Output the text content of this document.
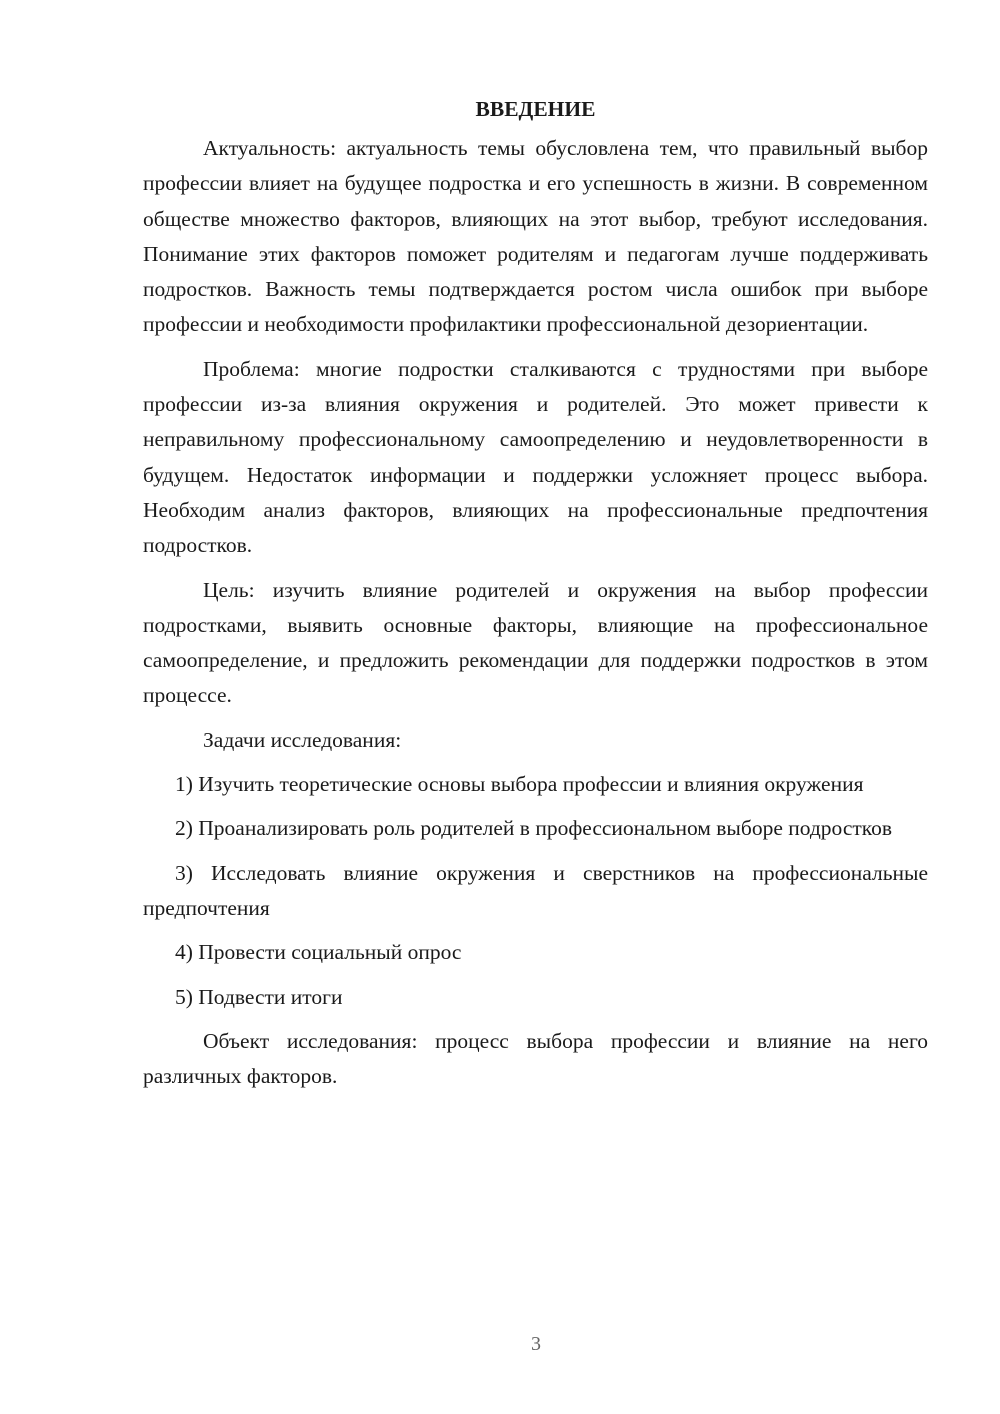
ВВЕДЕНИЕ

Актуальность: актуальность темы обусловлена тем, что правильный выбор профессии влияет на будущее подростка и его успешность в жизни. В современном обществе множество факторов, влияющих на этот выбор, требуют исследования. Понимание этих факторов поможет родителям и педагогам лучше поддерживать подростков. Важность темы подтверждается ростом числа ошибок при выборе профессии и необходимости профилактики профессиональной дезориентации.

Проблема: многие подростки сталкиваются с трудностями при выборе профессии из-за влияния окружения и родителей. Это может привести к неправильному профессиональному самоопределению и неудовлетворенности в будущем. Недостаток информации и поддержки усложняет процесс выбора. Необходим анализ факторов, влияющих на профессиональные предпочтения подростков.

Цель: изучить влияние родителей и окружения на выбор профессии подростками, выявить основные факторы, влияющие на профессиональное самоопределение, и предложить рекомендации для поддержки подростков в этом процессе.

Задачи исследования:

1) Изучить теоретические основы выбора профессии и влияния окружения

2) Проанализировать роль родителей в профессиональном выборе подростков

3) Исследовать влияние окружения и сверстников на профессиональные предпочтения

4) Провести социальный опрос

5) Подвести итоги

Объект исследования: процесс выбора профессии и влияние на него различных факторов.

3
